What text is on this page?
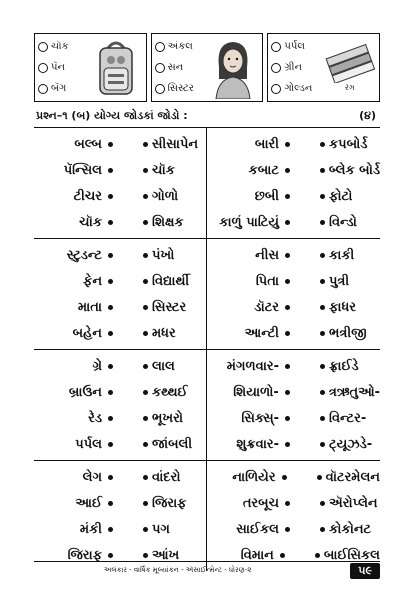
ચૉક
પૅન
બૅગ
અંકલ
સન
સિસ્ટર
પર્પલ
ગ્રીન
ગોલ્ડન	રંગ
પ્રશ્ન–૧ (બ) યોગ્ય જોડકાં જોડો :	(૪)
બલ્બ	સીસાપેન	બારી	કપબોર્ડ
પૅન્સિલ	ચૉક	કબાટ	બ્લેક બોર્ડ
ટીચર	ગોળો	છબી	ફોટો
ચૉક	શિક્ષક	કાળું પાટિયું	વિન્ડો
સ્ટુડન્ટ	પંખો	નીસ	કાકી
ફેન	વિદ્યાર્થી	પિતા	પુત્રી
માતા	સિસ્ટર	ડૉટર	ફાધર
બહેન	મધર	આન્ટી	ભત્રીજી
ગ્રે	લાલ	મંગળવાર-	ફ્રાઈડે
બ્રાઉન	કથ્થઈ	શિયાળો-	ત્રઋતુઓ-
રેડ	ભૂખરો	સિક્સ્-	વિન્ટર-
પર્પલ	જાંબલી	શુક્રવાર-	ટ્યૂઝડે-
લેગ	વાંદરો	નાળિયેર	વૉટરમેલન
આઈ	જિરાફ	તરબૂચ	ઍરોપ્લેન
મંકી	પગ	સાઈકલ	કોકોનટ
જિરાફ	આંખ	વિમાન	બાઈસિકલ
અલંકાર - વાર્ષિક મૂલ્યાંકન - ઍસાઈન્મેન્ટ - ધોરણ-૨	૫૯
